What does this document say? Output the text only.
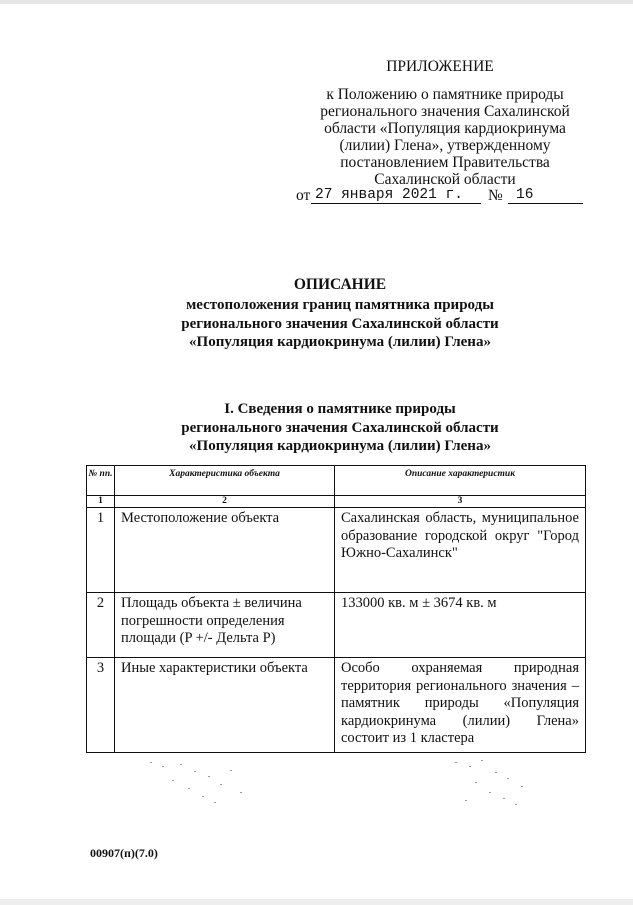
ПРИЛОЖЕНИЕ
к Положению о памятнике природы
регионального значения Сахалинской
области «Популяция кардиокринума
(лилии) Глена», утвержденному
постановлением Правительства
Сахалинской области
от 27 января 2021 г.	№ 16
ОПИСАНИЕ
местоположения границ памятника природы
регионального значения Сахалинской области
«Популяция кардиокринума (лилии) Глена»
I. Сведения о памятнике природы
регионального значения Сахалинской области
«Популяция кардиокринума (лилии) Глена»
№ пп.	Характеристика объекта	Описание характеристик
1	2	3
1	Местоположение объекта	Сахалинская область, муниципальное образование городской округ "Город Южно-Сахалинск"
2	Площадь объекта ± величина погрешности определения площади (P +/- Дельта P)	133000 кв. м ± 3674 кв. м
3	Иные характеристики объекта	Особо охраняемая природная территория регионального значения – памятник природы «Популяция кардиокринума (лилии) Глена» состоит из 1 кластера
00907(п)(7.0)
